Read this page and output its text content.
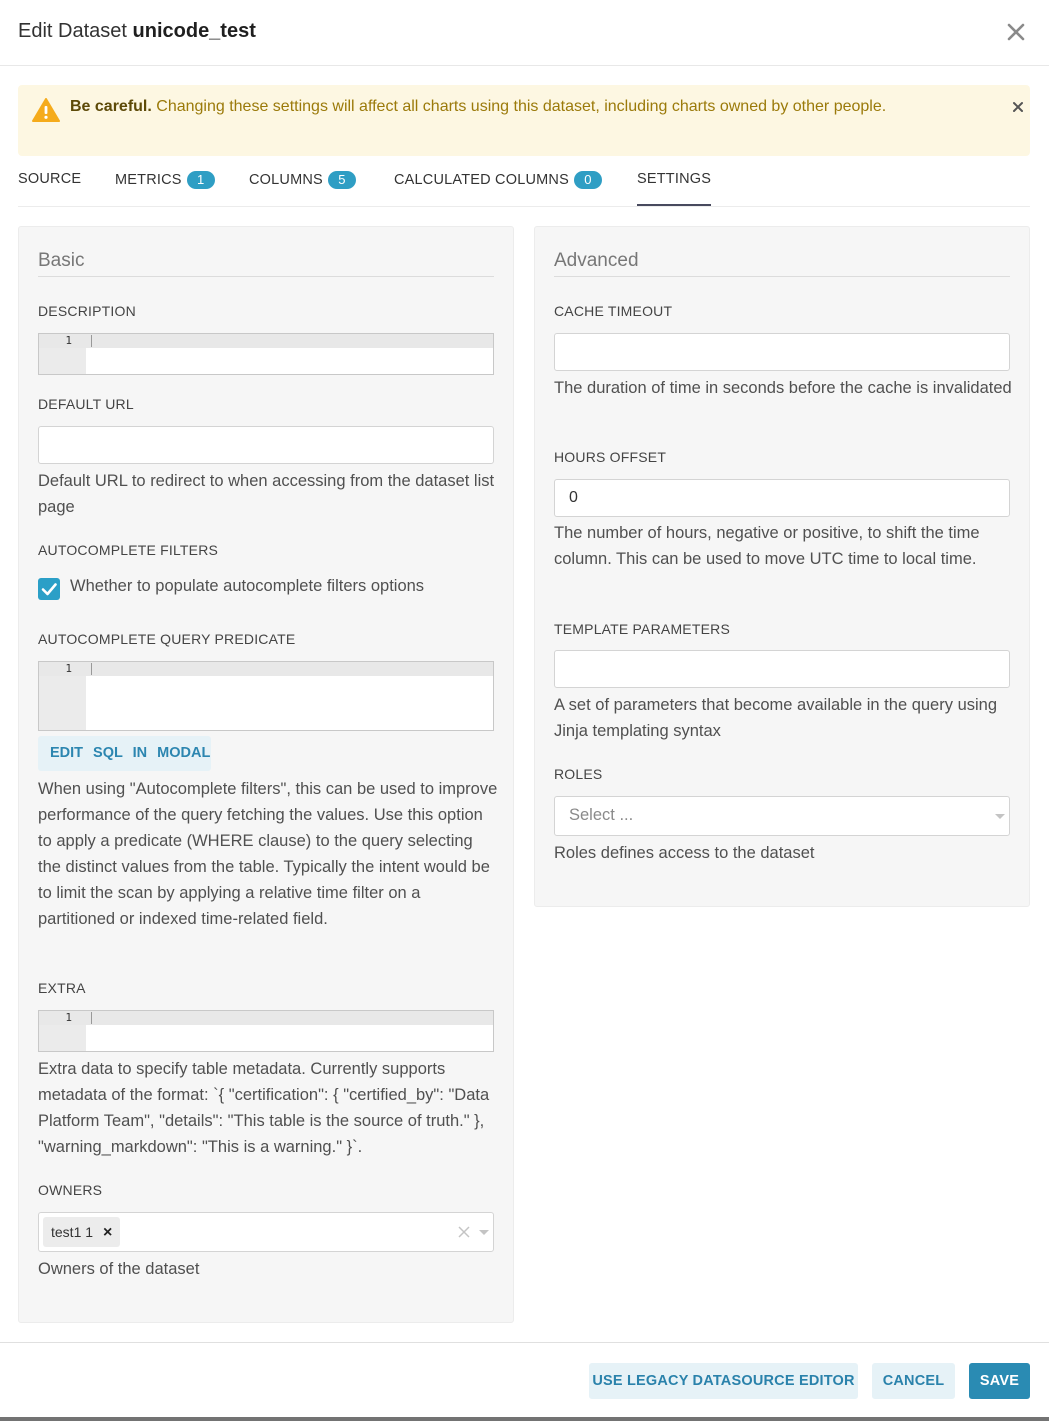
Edit Dataset unicode_test
Be careful. Changing these settings will affect all charts using this dataset, including charts owned by other people.
SOURCE METRICS 1	COLUMNS 5	CALCULATED COLUMNS 0	SETTINGS
Basic
DESCRIPTION
1
DEFAULT URL
Default URL to redirect to when accessing from the dataset list page
AUTOCOMPLETE FILTERS
Whether to populate autocomplete filters options
AUTOCOMPLETE QUERY PREDICATE
1
EDIT SQL IN MODAL
When using "Autocomplete filters", this can be used to improve performance of the query fetching the values. Use this option to apply a predicate (WHERE clause) to the query selecting the distinct values from the table. Typically the intent would be to limit the scan by applying a relative time filter on a partitioned or indexed time-related field.
EXTRA
1
Extra data to specify table metadata. Currently supports metadata of the format: `{ "certification": { "certified_by": "Data Platform Team", "details": "This table is the source of truth." }, "warning_markdown": "This is a warning." }`.
OWNERS
test1 1 ×
Owners of the dataset
Advanced
CACHE TIMEOUT
The duration of time in seconds before the cache is invalidated
HOURS OFFSET
0
The number of hours, negative or positive, to shift the time column. This can be used to move UTC time to local time.
TEMPLATE PARAMETERS
A set of parameters that become available in the query using Jinja templating syntax
ROLES
Select ...
Roles defines access to the dataset
USE LEGACY DATASOURCE EDITOR	CANCEL	SAVE
